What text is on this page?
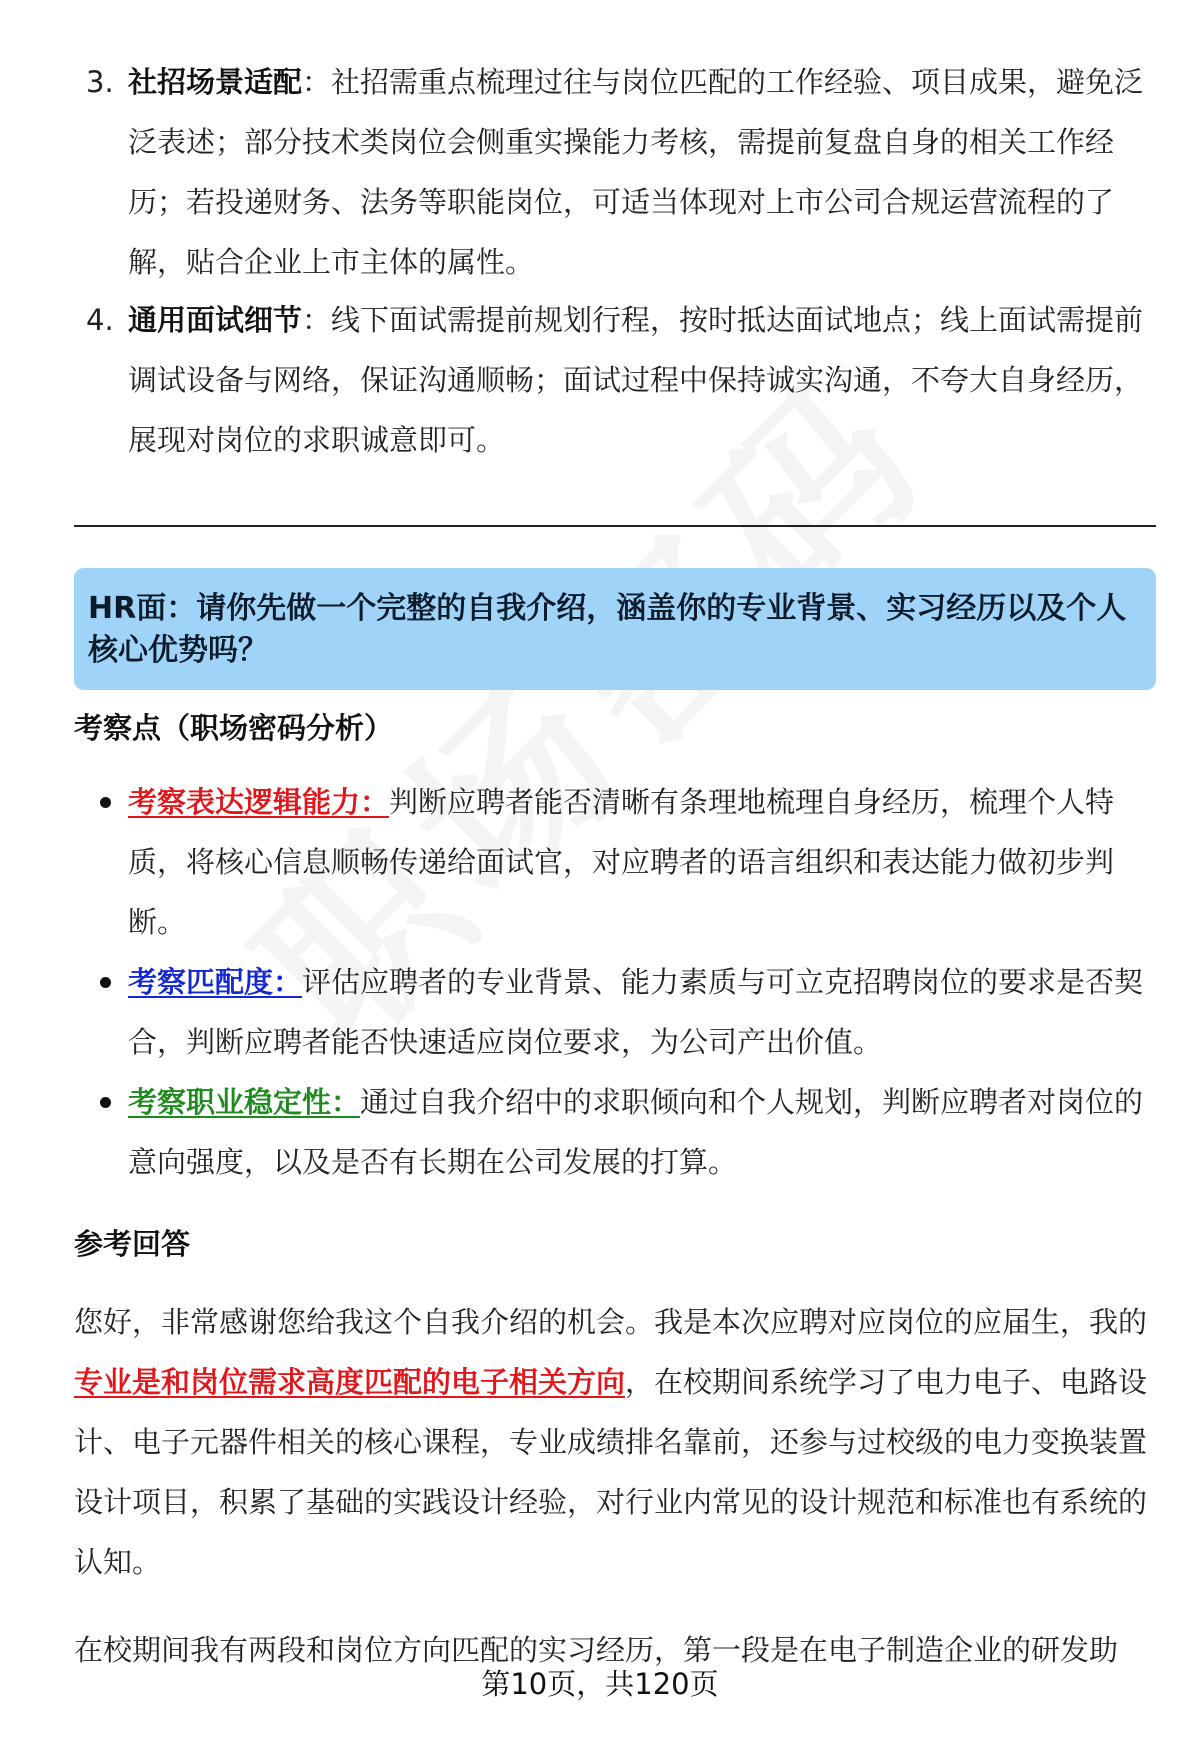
3. 社招场景适配：社招需重点梳理过往与岗位匹配的工作经验、项目成果，避免泛泛表述；部分技术类岗位会侧重实操能力考核，需提前复盘自身的相关工作经历；若投递财务、法务等职能岗位，可适当体现对上市公司合规运营流程的了解，贴合企业上市主体的属性。
4. 通用面试细节：线下面试需提前规划行程，按时抵达面试地点；线上面试需提前调试设备与网络，保证沟通顺畅；面试过程中保持诚实沟通，不夸大自身经历，展现对岗位的求职诚意即可。
HR面：请你先做一个完整的自我介绍，涵盖你的专业背景、实习经历以及个人核心优势吗？
考察点（职场密码分析）
考察表达逻辑能力：判断应聘者能否清晰有条理地梳理自身经历，梳理个人特质，将核心信息顺畅传递给面试官，对应聘者的语言组织和表达能力做初步判断。
考察匹配度：评估应聘者的专业背景、能力素质与可立克招聘岗位的要求是否契合，判断应聘者能否快速适应岗位要求，为公司产出价值。
考察职业稳定性：通过自我介绍中的求职倾向和个人规划，判断应聘者对岗位的意向强度，以及是否有长期在公司发展的打算。
参考回答
您好，非常感谢您给我这个自我介绍的机会。我是本次应聘对应岗位的应届生，我的专业是和岗位需求高度匹配的电子相关方向，在校期间系统学习了电力电子、电路设计、电子元器件相关的核心课程，专业成绩排名靠前，还参与过校级的电力变换装置设计项目，积累了基础的实践设计经验，对行业内常见的设计规范和标准也有系统的认知。
在校期间我有两段和岗位方向匹配的实习经历，第一段是在电子制造企业的研发助
第10页，共120页
